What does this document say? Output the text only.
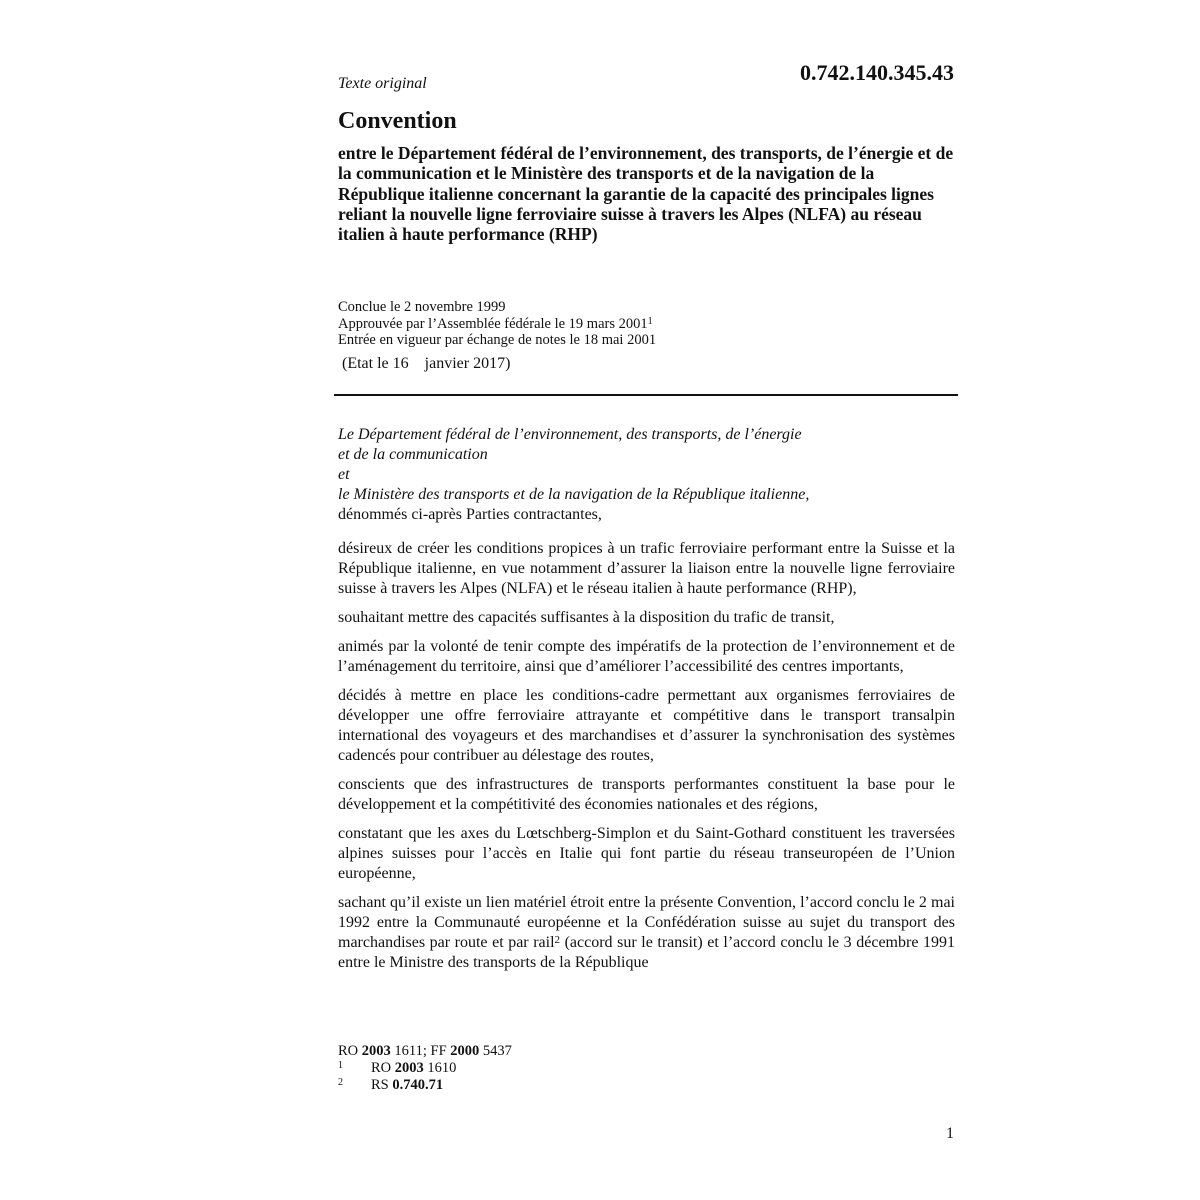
Texte original	0.742.140.345.43
Convention
entre le Département fédéral de l’environnement, des transports, de l’énergie et de la communication et le Ministère des transports et de la navigation de la République italienne concernant la garantie de la capacité des principales lignes reliant la nouvelle ligne ferroviaire suisse à travers les Alpes (NLFA) au réseau italien à haute performance (RHP)
Conclue le 2 novembre 1999
Approuvée par l’Assemblée fédérale le 19 mars 2001$^1$
Entrée en vigueur par échange de notes le 18 mai 2001
(Etat le 16    janvier 2017)
Le Département fédéral de l’environnement, des transports, de l’énergie
et de la communication
et
le Ministère des transports et de la navigation de la République italienne,
dénommés ci-après Parties contractantes,
désireux de créer les conditions propices à un trafic ferroviaire performant entre la Suisse et la République italienne, en vue notamment d’assurer la liaison entre la nouvelle ligne ferroviaire suisse à travers les Alpes (NLFA) et le réseau italien à haute performance (RHP),
souhaitant mettre des capacités suffisantes à la disposition du trafic de transit,
animés par la volonté de tenir compte des impératifs de la protection de l’environnement et de l’aménagement du territoire, ainsi que d’améliorer l’accessibilité des centres importants,
décidés à mettre en place les conditions-cadre permettant aux organismes ferroviaires de développer une offre ferroviaire attrayante et compétitive dans le transport transalpin international des voyageurs et des marchandises et d’assurer la synchronisation des systèmes cadencés pour contribuer au délestage des routes,
conscients que des infrastructures de transports performantes constituent la base pour le développement et la compétitivité des économies nationales et des régions,
constatant que les axes du Lœtschberg-Simplon et du Saint-Gothard constituent les traversées alpines suisses pour l’accès en Italie qui font partie du réseau transeuropéen de l’Union européenne,
sachant qu’il existe un lien matériel étroit entre la présente Convention, l’accord conclu le 2 mai 1992 entre la Communauté européenne et la Confédération suisse au sujet du transport des marchandises par route et par rail$^2$ (accord sur le transit) et l’accord conclu le 3 décembre 1991 entre le Ministre des transports de la République
RO 2003 1611; FF 2000 5437
1 RO 2003 1610
2 RS 0.740.71
1
